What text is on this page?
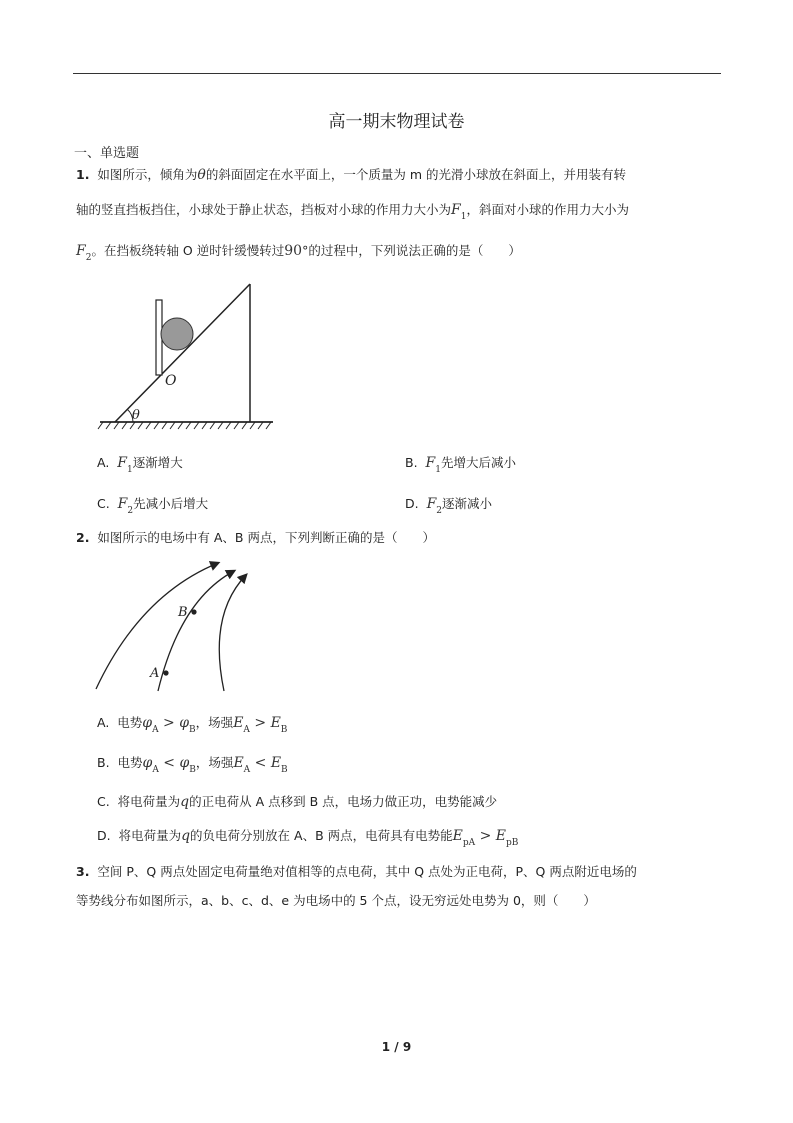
高一期末物理试卷
一、单选题
1. 如图所示，倾角为θ的斜面固定在水平面上，一个质量为 m 的光滑小球放在斜面上，并用装有转
轴的竖直挡板挡住，小球处于静止状态，挡板对小球的作用力大小为$F_1$，斜面对小球的作用力大小为
$F_2$。在挡板绕转轴 O 逆时针缓慢转过90°的过程中，下列说法正确的是（　　）
O
θ
A. $F_1$逐渐增大	B. $F_1$先增大后减小
C. $F_2$先减小后增大	D. $F_2$逐渐减小
2. 如图所示的电场中有 A、B 两点，下列判断正确的是（　　）
B
A
A. 电势$\varphi_A > \varphi_B$，场强$E_A > E_B$
B. 电势$\varphi_A < \varphi_B$，场强$E_A < E_B$
C. 将电荷量为q的正电荷从 A 点移到 B 点，电场力做正功，电势能减少
D. 将电荷量为q的负电荷分别放在 A、B 两点，电荷具有电势能$E_{pA} > E_{pB}$
3. 空间 P、Q 两点处固定电荷量绝对值相等的点电荷，其中 Q 点处为正电荷，P、Q 两点附近电场的
等势线分布如图所示，a、b、c、d、e 为电场中的 5 个点，设无穷远处电势为 0，则（　　）
1 / 9
